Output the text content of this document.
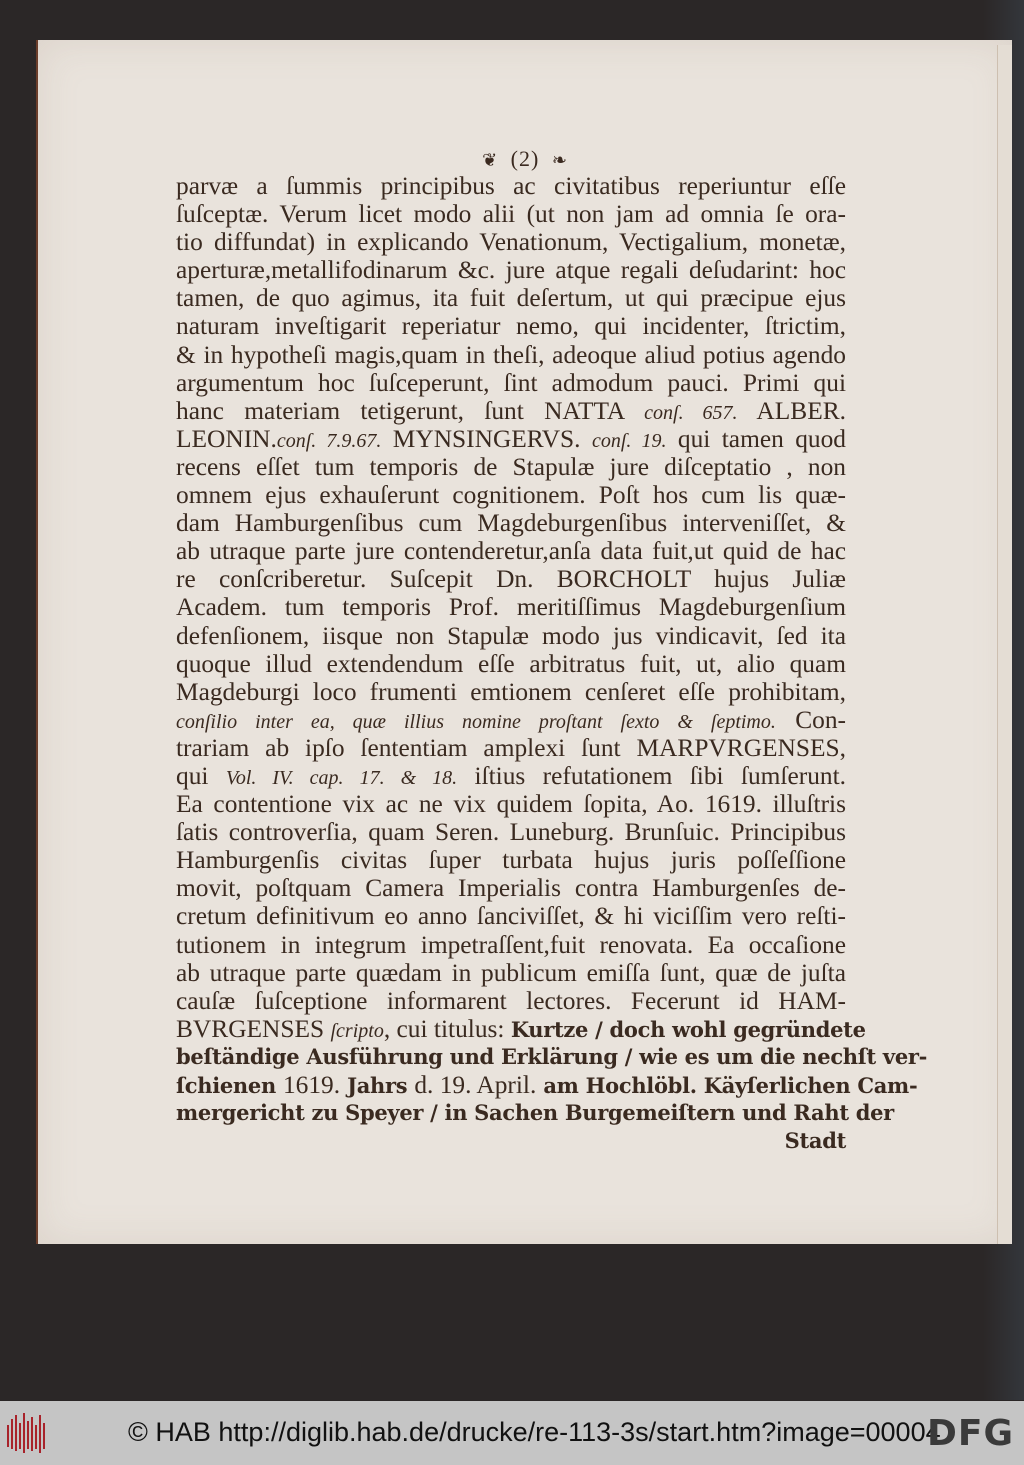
❦ (2) ❧
parvæ a ſummis principibus ac civitatibus reperiuntur eſſe
ſuſceptæ. Verum licet modo alii (ut non jam ad omnia ſe ora-
tio diffundat) in explicando Venationum, Vectigalium, monetæ,
aperturæ,metallifodinarum &c. jure atque regali deſudarint: hoc
tamen, de quo agimus, ita fuit deſertum, ut qui præcipue ejus
naturam inveſtigarit reperiatur nemo, qui incidenter, ſtrictim,
& in hypotheſi magis,quam in theſi, adeoque aliud potius agendo
argumentum hoc ſuſceperunt, ſint admodum pauci. Primi qui
hanc materiam tetigerunt, ſunt NATTA conſ. 657. ALBER.
LEONIN.conſ. 7.9.67. MYNSINGERVS. conſ. 19. qui tamen quod
recens eſſet tum temporis de Stapulæ jure diſceptatio , non
omnem ejus exhauſerunt cognitionem. Poſt hos cum lis quæ-
dam Hamburgenſibus cum Magdeburgenſibus interveniſſet, &
ab utraque parte jure contenderetur,anſa data fuit,ut quid de hac
re conſcriberetur. Suſcepit Dn. BORCHOLT hujus Juliæ
Academ. tum temporis Prof. meritiſſimus Magdeburgenſium
defenſionem, iisque non Stapulæ modo jus vindicavit, ſed ita
quoque illud extendendum eſſe arbitratus fuit, ut, alio quam
Magdeburgi loco frumenti emtionem cenſeret eſſe prohibitam,
conſilio inter ea, quæ illius nomine proſtant ſexto & ſeptimo. Con-
trariam ab ipſo ſententiam amplexi ſunt MARPVRGENSES,
qui Vol. IV. cap. 17. & 18. iſtius refutationem ſibi ſumſerunt.
Ea contentione vix ac ne vix quidem ſopita, Ao. 1619. illuſtris
ſatis controverſia, quam Seren. Luneburg. Brunſuic. Principibus
Hamburgenſis civitas ſuper turbata hujus juris poſſeſſione
movit, poſtquam Camera Imperialis contra Hamburgenſes de-
cretum definitivum eo anno ſanciviſſet, & hi viciſſim vero reſti-
tutionem in integrum impetraſſent,fuit renovata. Ea occaſione
ab utraque parte quædam in publicum emiſſa ſunt, quæ de juſta
cauſæ ſuſceptione informarent lectores. Fecerunt id HAM-
BVRGENSES ſcripto, cui titulus: Kurtze / doch wohl gegründete
beſtändige Ausführung und Erklärung / wie es um die nechſt ver-
ſchienen 1619. Jahrs d. 19. April. am Hochlöbl. Käyſerlichen Cam-
mergericht zu Speyer / in Sachen Burgemeiſtern und Raht der
Stadt
© HAB http://diglib.hab.de/drucke/re-113-3s/start.htm?image=00004
DFG
